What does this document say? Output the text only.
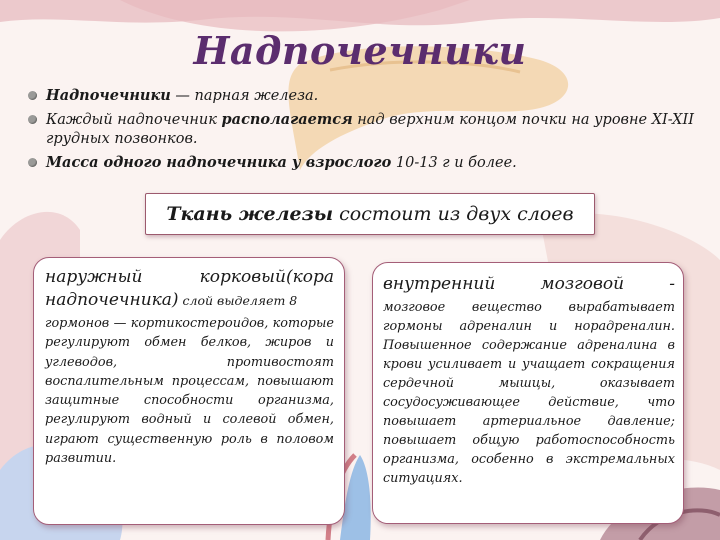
Надпочечники
Надпочечники — парная железа.
Каждый надпочечник располагается над верхним концом почки на уровне XI-XII грудных позвонков.
Масса одного надпочечника у взрослого 10-13 г и более.
Ткань железы состоит из двух слоев
наружный корковый(кора
надпочечника) слой выделяет 8
гормонов — кортикостероидов, которые регулируют обмен белков, жиров и углеводов, противостоят воспалительным процессам, повышают защитные способности организма, регулируют водный и солевой обмен, играют существенную роль в половом развитии.
внутренний мозговой -
мозговое вещество вырабатывает гормоны адреналин и норадреналин. Повышенное содержание адреналина в крови усиливает и учащает сокращения сердечной мышцы, оказывает сосудосуживающее действие, что повышает артериальное давление; повышает общую работоспособность организма, особенно в экстремальных ситуациях.
